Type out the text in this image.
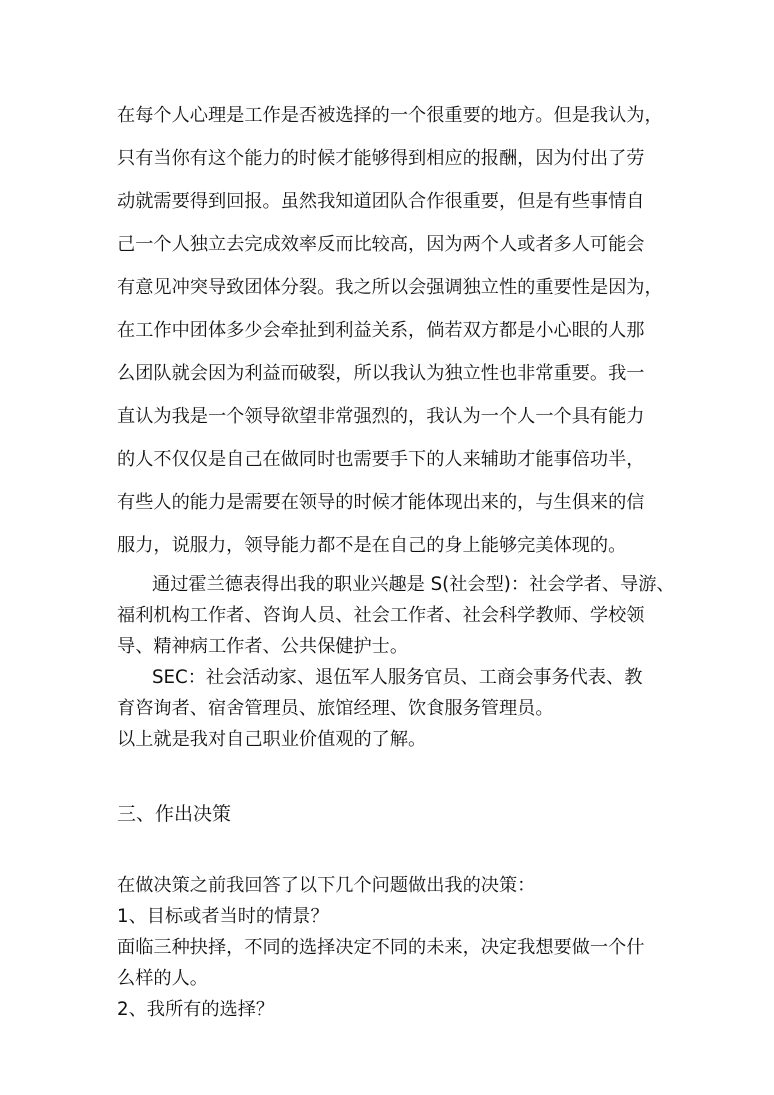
在每个人心理是工作是否被选择的一个很重要的地方。但是我认为，
只有当你有这个能力的时候才能够得到相应的报酬，因为付出了劳
动就需要得到回报。虽然我知道团队合作很重要，但是有些事情自
己一个人独立去完成效率反而比较高，因为两个人或者多人可能会
有意见冲突导致团体分裂。我之所以会强调独立性的重要性是因为，
在工作中团体多少会牵扯到利益关系，倘若双方都是小心眼的人那
么团队就会因为利益而破裂，所以我认为独立性也非常重要。我一
直认为我是一个领导欲望非常强烈的，我认为一个人一个具有能力
的人不仅仅是自己在做同时也需要手下的人来辅助才能事倍功半，
有些人的能力是需要在领导的时候才能体现出来的，与生俱来的信
服力，说服力，领导能力都不是在自己的身上能够完美体现的。
通过霍兰德表得出我的职业兴趣是 S(社会型)：社会学者、导游、
福利机构工作者、咨询人员、社会工作者、社会科学教师、学校领
导、精神病工作者、公共保健护士。
SEC：社会活动家、退伍军人服务官员、工商会事务代表、教
育咨询者、宿舍管理员、旅馆经理、饮食服务管理员。
以上就是我对自己职业价值观的了解。
三、作出决策
在做决策之前我回答了以下几个问题做出我的决策：
1、目标或者当时的情景？
面临三种抉择，不同的选择决定不同的未来，决定我想要做一个什
么样的人。
2、我所有的选择？
